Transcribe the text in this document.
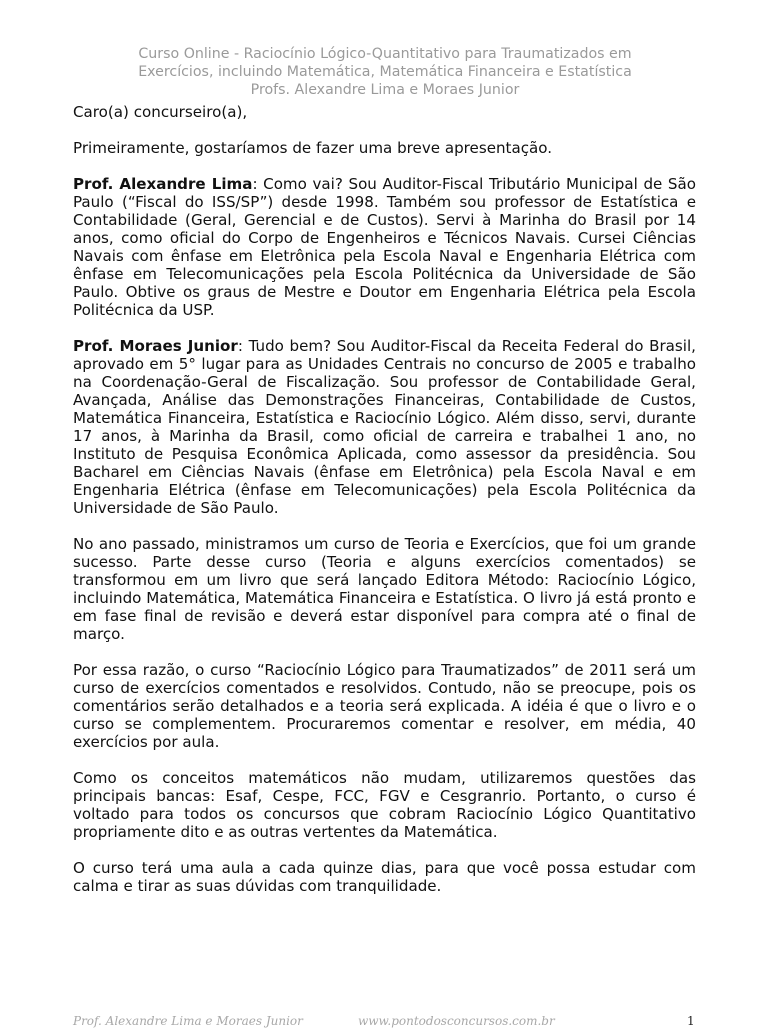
Curso Online - Raciocínio Lógico-Quantitativo para Traumatizados em
Exercícios, incluindo Matemática, Matemática Financeira e Estatística
Profs. Alexandre Lima e Moraes Junior

Caro(a) concurseiro(a),

Primeiramente, gostaríamos de fazer uma breve apresentação.

Prof. Alexandre Lima: Como vai? Sou Auditor-Fiscal Tributário Municipal de São Paulo (“Fiscal do ISS/SP”) desde 1998. Também sou professor de Estatística e Contabilidade (Geral, Gerencial e de Custos). Servi à Marinha do Brasil por 14 anos, como oficial do Corpo de Engenheiros e Técnicos Navais. Cursei Ciências Navais com ênfase em Eletrônica pela Escola Naval e Engenharia Elétrica com ênfase em Telecomunicações pela Escola Politécnica da Universidade de São Paulo. Obtive os graus de Mestre e Doutor em Engenharia Elétrica pela Escola Politécnica da USP.

Prof. Moraes Junior: Tudo bem? Sou Auditor-Fiscal da Receita Federal do Brasil, aprovado em 5° lugar para as Unidades Centrais no concurso de 2005 e trabalho na Coordenação-Geral de Fiscalização. Sou professor de Contabilidade Geral, Avançada, Análise das Demonstrações Financeiras, Contabilidade de Custos, Matemática Financeira, Estatística e Raciocínio Lógico. Além disso, servi, durante 17 anos, à Marinha da Brasil, como oficial de carreira e trabalhei 1 ano, no Instituto de Pesquisa Econômica Aplicada, como assessor da presidência. Sou Bacharel em Ciências Navais (ênfase em Eletrônica) pela Escola Naval e em Engenharia Elétrica (ênfase em Telecomunicações) pela Escola Politécnica da Universidade de São Paulo.

No ano passado, ministramos um curso de Teoria e Exercícios, que foi um grande sucesso. Parte desse curso (Teoria e alguns exercícios comentados) se transformou em um livro que será lançado Editora Método: Raciocínio Lógico, incluindo Matemática, Matemática Financeira e Estatística. O livro já está pronto e em fase final de revisão e deverá estar disponível para compra até o final de março.

Por essa razão, o curso “Raciocínio Lógico para Traumatizados” de 2011 será um curso de exercícios comentados e resolvidos. Contudo, não se preocupe, pois os comentários serão detalhados e a teoria será explicada. A idéia é que o livro e o curso se complementem. Procuraremos comentar e resolver, em média, 40 exercícios por aula.

Como os conceitos matemáticos não mudam, utilizaremos questões das principais bancas: Esaf, Cespe, FCC, FGV e Cesgranrio. Portanto, o curso é voltado para todos os concursos que cobram Raciocínio Lógico Quantitativo propriamente dito e as outras vertentes da Matemática.

O curso terá uma aula a cada quinze dias, para que você possa estudar com calma e tirar as suas dúvidas com tranquilidade.

Prof. Alexandre Lima e Moraes Junior	www.pontodosconcursos.com.br	1
